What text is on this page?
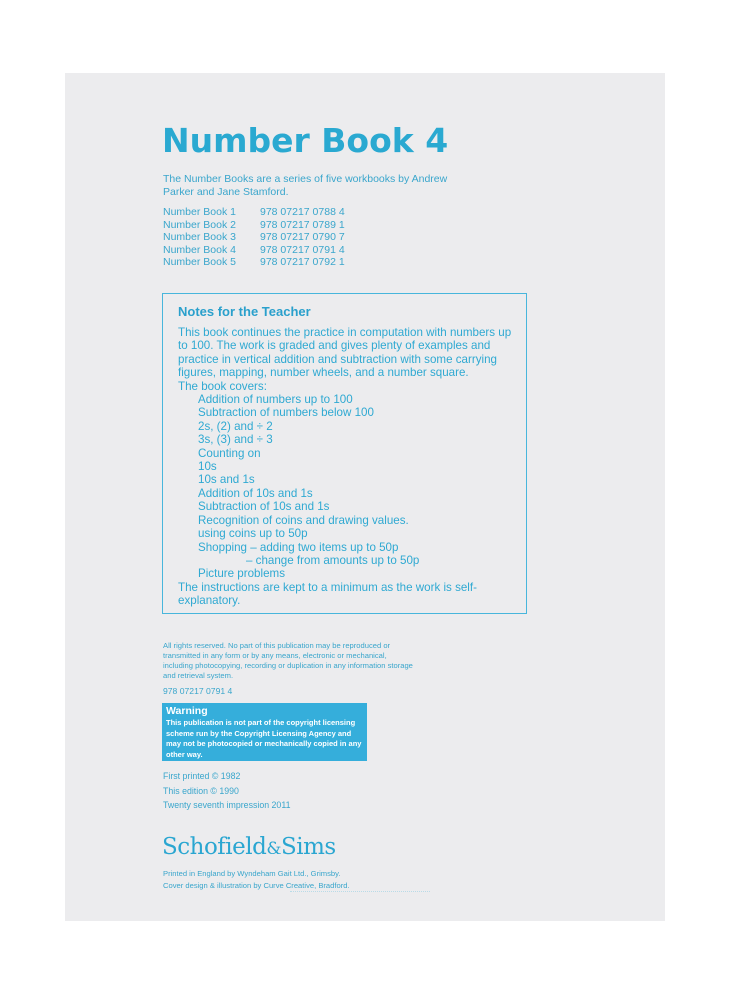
Number Book 4
The Number Books are a series of five workbooks by Andrew Parker and Jane Stamford.
Number Book 1	978 07217 0788 4
Number Book 2	978 07217 0789 1
Number Book 3	978 07217 0790 7
Number Book 4	978 07217 0791 4
Number Book 5	978 07217 0792 1
Notes for the Teacher

This book continues the practice in computation with numbers up to 100. The work is graded and gives plenty of examples and practice in vertical addition and subtraction with some carrying figures, mapping, number wheels, and a number square.

The book covers:

Addition of numbers up to 100
Subtraction of numbers below 100
2s, (2) and ÷ 2
3s, (3) and ÷ 3
Counting on
10s
10s and 1s
Addition of 10s and 1s
Subtraction of 10s and 1s
Recognition of coins and drawing values.
using coins up to 50p
Shopping – adding two items up to 50p
– change from amounts up to 50p
Picture problems

The instructions are kept to a minimum as the work is self-explanatory.

All rights reserved. No part of this publication may be reproduced or transmitted in any form or by any means, electronic or mechanical, including photocopying, recording or duplication in any information storage and retrieval system.
978 07217 0791 4
Warning
This publication is not part of the copyright licensing scheme run by the Copyright Licensing Agency and may not be photocopied or mechanically copied in any other way.
First printed © 1982
This edition © 1990
Twenty seventh impression 2011
Schofield&Sims
Printed in England by Wyndeham Gait Ltd., Grimsby.
Cover design & illustration by Curve Creative, Bradford.
